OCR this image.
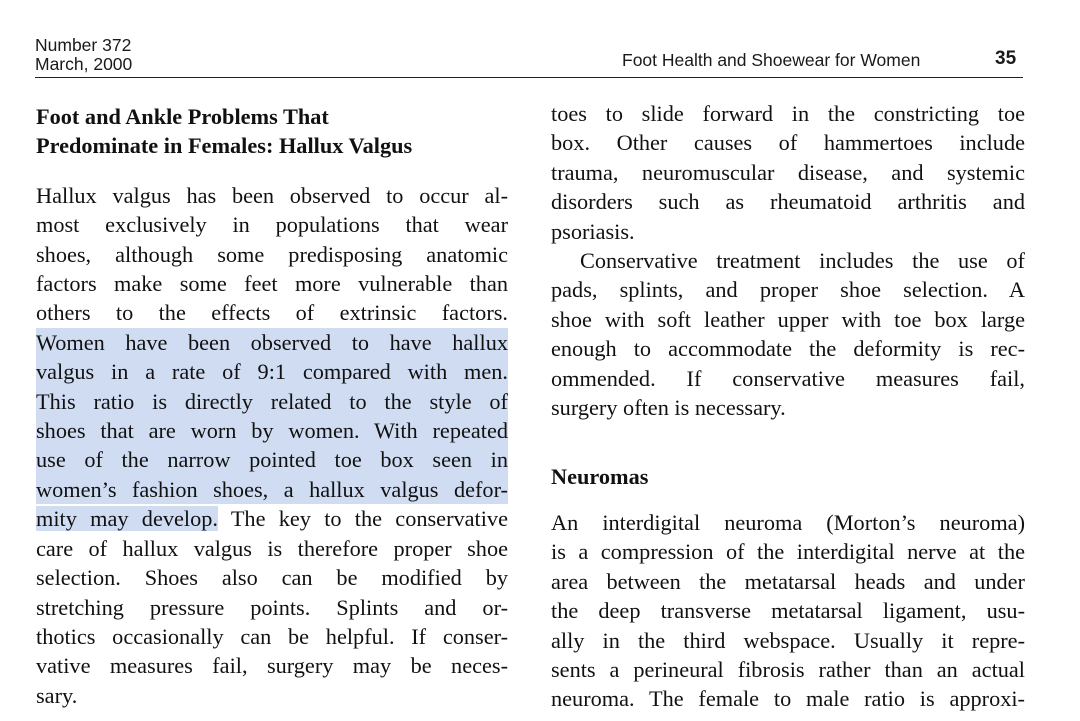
Number 372
March, 2000	Foot Health and Shoewear for Women	35
Foot and Ankle Problems That
Predominate in Females: Hallux Valgus
Hallux valgus has been observed to occur al-
most exclusively in populations that wear
shoes, although some predisposing anatomic
factors make some feet more vulnerable than
others to the effects of extrinsic factors.
Women have been observed to have hallux
valgus in a rate of 9:1 compared with men.
This ratio is directly related to the style of
shoes that are worn by women. With repeated
use of the narrow pointed toe box seen in
women’s fashion shoes, a hallux valgus defor-
mity may develop. The key to the conservative
care of hallux valgus is therefore proper shoe
selection. Shoes also can be modified by
stretching pressure points. Splints and or-
thotics occasionally can be helpful. If conser-
vative measures fail, surgery may be neces-
sary.
toes to slide forward in the constricting toe
box. Other causes of hammertoes include
trauma, neuromuscular disease, and systemic
disorders such as rheumatoid arthritis and
psoriasis.
Conservative treatment includes the use of
pads, splints, and proper shoe selection. A
shoe with soft leather upper with toe box large
enough to accommodate the deformity is rec-
ommended. If conservative measures fail,
surgery often is necessary.
Neuromas
An interdigital neuroma (Morton’s neuroma)
is a compression of the interdigital nerve at the
area between the metatarsal heads and under
the deep transverse metatarsal ligament, usu-
ally in the third webspace. Usually it repre-
sents a perineural fibrosis rather than an actual
neuroma. The female to male ratio is approxi-
